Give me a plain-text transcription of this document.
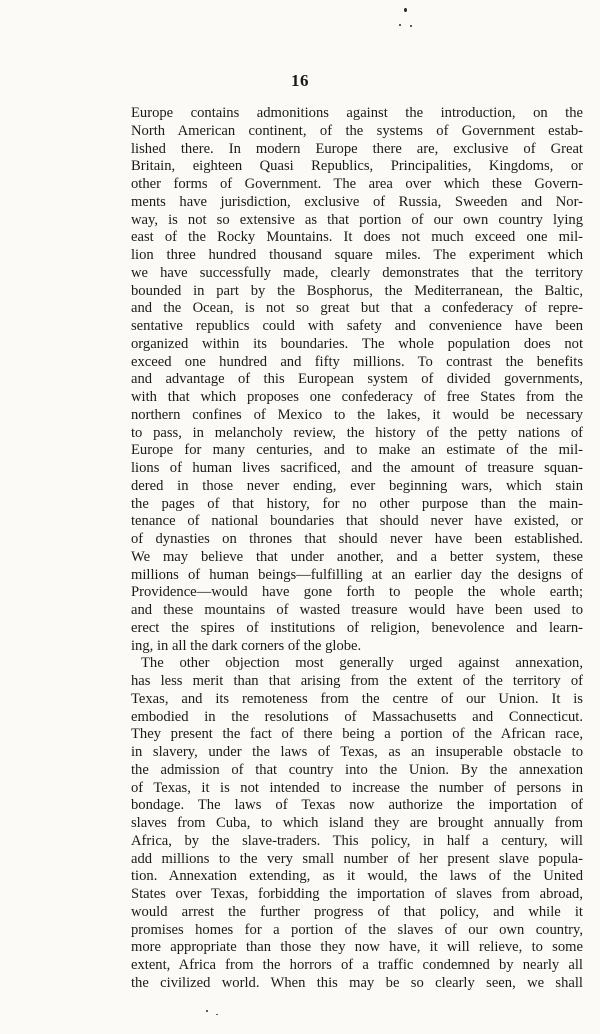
16
Europe contains admonitions against the introduction, on the
North American continent, of the systems of Government estab-
lished there. In modern Europe there are, exclusive of Great
Britain, eighteen Quasi Republics, Principalities, Kingdoms, or
other forms of Government. The area over which these Govern-
ments have jurisdiction, exclusive of Russia, Sweeden and Nor-
way, is not so extensive as that portion of our own country lying
east of the Rocky Mountains. It does not much exceed one mil-
lion three hundred thousand square miles. The experiment which
we have successfully made, clearly demonstrates that the territory
bounded in part by the Bosphorus, the Mediterranean, the Baltic,
and the Ocean, is not so great but that a confederacy of repre-
sentative republics could with safety and convenience have been
organized within its boundaries. The whole population does not
exceed one hundred and fifty millions. To contrast the benefits
and advantage of this European system of divided governments,
with that which proposes one confederacy of free States from the
northern confines of Mexico to the lakes, it would be necessary
to pass, in melancholy review, the history of the petty nations of
Europe for many centuries, and to make an estimate of the mil-
lions of human lives sacrificed, and the amount of treasure squan-
dered in those never ending, ever beginning wars, which stain
the pages of that history, for no other purpose than the main-
tenance of national boundaries that should never have existed, or
of dynasties on thrones that should never have been established.
We may believe that under another, and a better system, these
millions of human beings—fulfilling at an earlier day the designs of
Providence—would have gone forth to people the whole earth;
and these mountains of wasted treasure would have been used to
erect the spires of institutions of religion, benevolence and learn-
ing, in all the dark corners of the globe.
The other objection most generally urged against annexation,
has less merit than that arising from the extent of the territory of
Texas, and its remoteness from the centre of our Union. It is
embodied in the resolutions of Massachusetts and Connecticut.
They present the fact of there being a portion of the African race,
in slavery, under the laws of Texas, as an insuperable obstacle to
the admission of that country into the Union. By the annexation
of Texas, it is not intended to increase the number of persons in
bondage. The laws of Texas now authorize the importation of
slaves from Cuba, to which island they are brought annually from
Africa, by the slave-traders. This policy, in half a century, will
add millions to the very small number of her present slave popula-
tion. Annexation extending, as it would, the laws of the United
States over Texas, forbidding the importation of slaves from abroad,
would arrest the further progress of that policy, and while it
promises homes for a portion of the slaves of our own country,
more appropriate than those they now have, it will relieve, to some
extent, Africa from the horrors of a traffic condemned by nearly all
the civilized world. When this may be so clearly seen, we shall
